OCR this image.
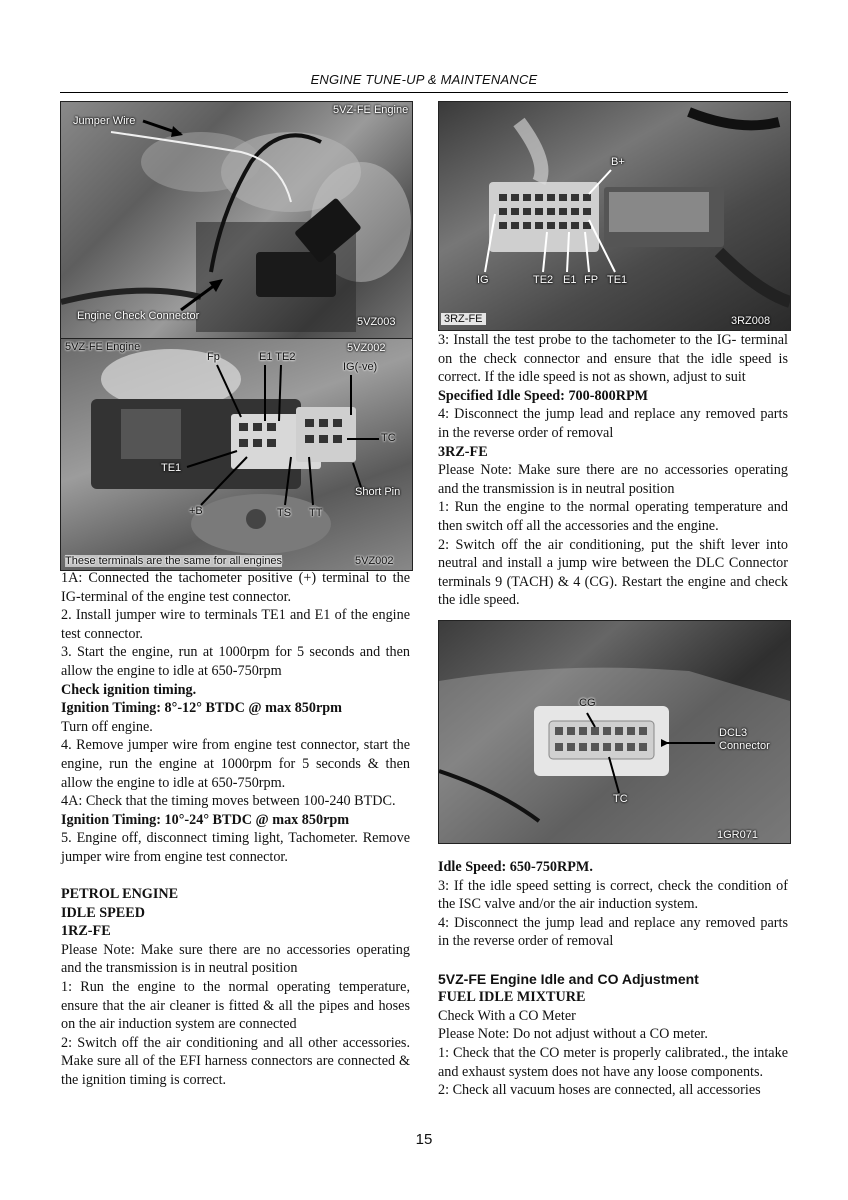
ENGINE TUNE-UP & MAINTENANCE
5VZ-FE Engine
Jumper Wire
Engine Check Connector	5VZ003
5VZ-FE Engine	5VZ002
Fp	E1 TE2
IG(-ve)
TC
TE1
Short Pin
+B	TS TT
These terminals are the same for all engines	5VZ002
B+
IG	TE2 E1 FP TE1
3RZ-FE	3RZ008
CG
DCL3
Connector
TC
1GR071

1A: Connected the tachometer positive (+) terminal to the IG-terminal of the engine test connector.

2. Install jumper wire to terminals TE1 and E1 of the engine test connector.

3. Start the engine, run at 1000rpm for 5 seconds and then allow the engine to idle at 650-750rpm

Check ignition timing.

Ignition Timing: 8°-12° BTDC @ max 850rpm

Turn off engine.

4. Remove jumper wire from engine test connector, start the engine, run the engine at 1000rpm for 5 seconds & then allow the engine to idle at 650-750rpm.

4A: Check that the timing moves between 100-240 BTDC.

Ignition Timing: 10°-24° BTDC @ max 850rpm

5. Engine off, disconnect timing light, Tachometer. Remove jumper wire from engine test connector.

PETROL ENGINE

IDLE SPEED

1RZ-FE

Please Note: Make sure there are no accessories operating and the transmission is in neutral position

1: Run the engine to the normal operating temperature, ensure that the air cleaner is fitted & all the pipes and hoses on the air induction system are connected

2: Switch off the air conditioning and all other accessories. Make sure all of the EFI harness connectors are connected & the ignition timing is correct.

3: Install the test probe to the tachometer to the IG- terminal on the check connector and ensure that the idle speed is correct. If the idle speed is not as shown, adjust to suit

Specified Idle Speed: 700-800RPM

4: Disconnect the jump lead and replace any removed parts in the reverse order of removal

3RZ-FE

Please Note: Make sure there are no accessories operating and the transmission is in neutral position

1: Run the engine to the normal operating temperature and then switch off all the accessories and the engine.

2: Switch off the air conditioning, put the shift lever into neutral and install a jump wire between the DLC Connector terminals 9 (TACH) & 4 (CG). Restart the engine and check the idle speed.

Idle Speed: 650-750RPM.

3: If the idle speed setting is correct, check the condition of the ISC valve and/or the air induction system.

4: Disconnect the jump lead and replace any removed parts in the reverse order of removal

5VZ-FE Engine Idle and CO Adjustment

FUEL IDLE MIXTURE

Check With a CO Meter

Please Note: Do not adjust without a CO meter.

1: Check that the CO meter is properly calibrated., the intake and exhaust system does not have any loose components.

2: Check all vacuum hoses are connected, all accessories

15
